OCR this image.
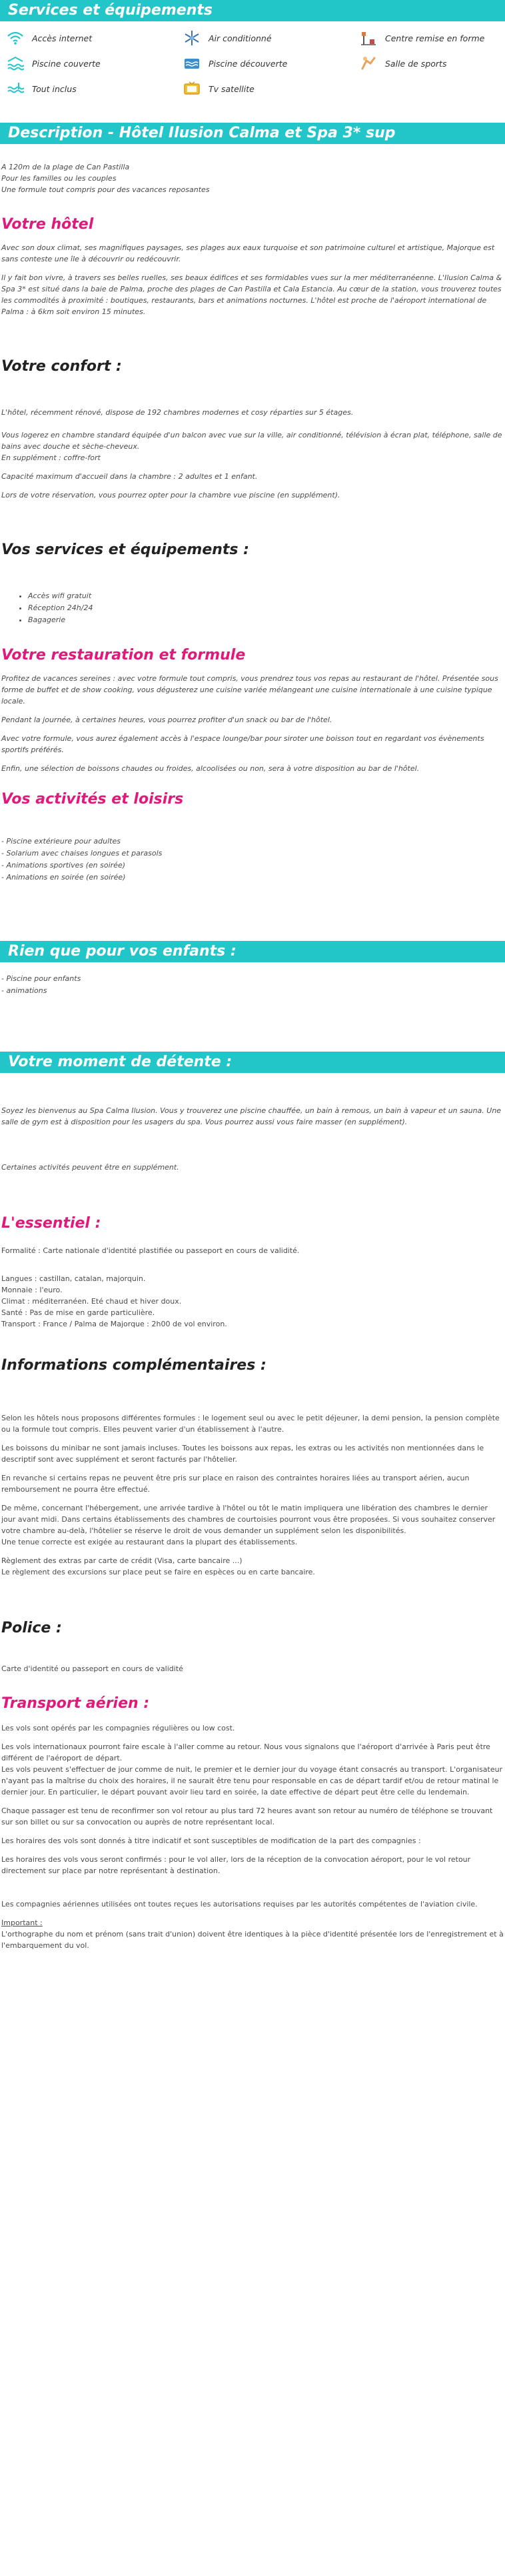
Services et équipements
Accès internet	Air conditionné	Centre remise en forme
Piscine couverte	Piscine découverte	Salle de sports
Tout inclus	Tv satellite
Description - Hôtel Ilusion Calma et Spa 3* sup

A 120m de la plage de Can Pastilla

Pour les familles ou les couples

Une formule tout compris pour des vacances reposantes

Votre hôtel

Avec son doux climat, ses magnifiques paysages, ses plages aux eaux turquoise et son patrimoine culturel et artistique, Majorque est sans conteste une île à découvrir ou redécouvrir.

Il y fait bon vivre, à travers ses belles ruelles, ses beaux édifices et ses formidables vues sur la mer méditerranéenne. L'Ilusion Calma & Spa 3* est situé dans la baie de Palma, proche des plages de Can Pastilla et Cala Estancia. Au cœur de la station, vous trouverez toutes les commodités à proximité : boutiques, restaurants, bars et animations nocturnes. L'hôtel est proche de l'aéroport international de Palma : à 6km soit environ 15 minutes.

Votre confort :

L'hôtel, récemment rénové, dispose de 192 chambres modernes et cosy réparties sur 5 étages.

Vous logerez en chambre standard équipée d'un balcon avec vue sur la ville, air conditionné, télévision à écran plat, téléphone, salle de bains avec douche et sèche-cheveux.

En supplément : coffre-fort

Capacité maximum d'accueil dans la chambre : 2 adultes et 1 enfant.

Lors de votre réservation, vous pourrez opter pour la chambre vue piscine (en supplément).

Vos services et équipements :
• Accès wifi gratuit
• Réception 24h/24
• Bagagerie
Votre restauration et formule

Profitez de vacances sereines : avec votre formule tout compris, vous prendrez tous vos repas au restaurant de l'hôtel. Présentée sous forme de buffet et de show cooking, vous dégusterez une cuisine variée mélangeant une cuisine internationale à une cuisine typique locale.

Pendant la journée, à certaines heures, vous pourrez profiter d'un snack ou bar de l'hôtel.

Avec votre formule, vous aurez également accès à l'espace lounge/bar pour siroter une boisson tout en regardant vos évènements sportifs préférés.

Enfin, une sélection de boissons chaudes ou froides, alcoolisées ou non, sera à votre disposition au bar de l'hôtel.

Vos activités et loisirs
- Piscine extérieure pour adultes
- Solarium avec chaises longues et parasols
- Animations sportives (en soirée)
- Animations en soirée (en soirée)
Rien que pour vos enfants :
- Piscine pour enfants
- animations
Votre moment de détente :

Soyez les bienvenus au Spa Calma Ilusion. Vous y trouverez une piscine chauffée, un bain à remous, un bain à vapeur et un sauna. Une salle de gym est à disposition pour les usagers du spa. Vous pourrez aussi vous faire masser (en supplément).

Certaines activités peuvent être en supplément.

L'essentiel :

Formalité : Carte nationale d'identité plastifiée ou passeport en cours de validité.

Langues : castillan, catalan, majorquin.
Monnaie : l'euro.
Climat : méditerranéen. Eté chaud et hiver doux.
Santé : Pas de mise en garde particulière.
Transport : France / Palma de Majorque : 2h00 de vol environ.
Informations complémentaires :

Selon les hôtels nous proposons différentes formules : le logement seul ou avec le petit déjeuner, la demi pension, la pension complète ou la formule tout compris. Elles peuvent varier d'un établissement à l'autre.

Les boissons du minibar ne sont jamais incluses. Toutes les boissons aux repas, les extras ou les activités non mentionnées dans le descriptif sont avec supplément et seront facturés par l'hôtelier.

En revanche si certains repas ne peuvent être pris sur place en raison des contraintes horaires liées au transport aérien, aucun remboursement ne pourra être effectué.

De même, concernant l'hébergement, une arrivée tardive à l'hôtel ou tôt le matin impliquera une libération des chambres le dernier jour avant midi. Dans certains établissements des chambres de courtoisies pourront vous être proposées. Si vous souhaitez conserver votre chambre au-delà, l'hôtelier se réserve le droit de vous demander un supplément selon les disponibilités.

Une tenue correcte est exigée au restaurant dans la plupart des établissements.

Règlement des extras par carte de crédit (Visa, carte bancaire ...)

Le règlement des excursions sur place peut se faire en espèces ou en carte bancaire.

Police :

Carte d'identité ou passeport en cours de validité

Transport aérien :

Les vols sont opérés par les compagnies régulières ou low cost.

Les vols internationaux pourront faire escale à l'aller comme au retour. Nous vous signalons que l'aéroport d'arrivée à Paris peut être différent de l'aéroport de départ.

Les vols peuvent s'effectuer de jour comme de nuit, le premier et le dernier jour du voyage étant consacrés au transport. L'organisateur n'ayant pas la maîtrise du choix des horaires, il ne saurait être tenu pour responsable en cas de départ tardif et/ou de retour matinal le dernier jour. En particulier, le départ pouvant avoir lieu tard en soirée, la date effective de départ peut être celle du lendemain.

Chaque passager est tenu de reconfirmer son vol retour au plus tard 72 heures avant son retour au numéro de téléphone se trouvant sur son billet ou sur sa convocation ou auprès de notre représentant local.

Les horaires des vols sont donnés à titre indicatif et sont susceptibles de modification de la part des compagnies :

Les horaires des vols vous seront confirmés : pour le vol aller, lors de la réception de la convocation aéroport, pour le vol retour directement sur place par notre représentant à destination.

Les compagnies aériennes utilisées ont toutes reçues les autorisations requises par les autorités compétentes de l'aviation civile.

Important :

L'orthographe du nom et prénom (sans trait d'union) doivent être identiques à la pièce d'identité présentée lors de l'enregistrement et à l'embarquement du vol.
